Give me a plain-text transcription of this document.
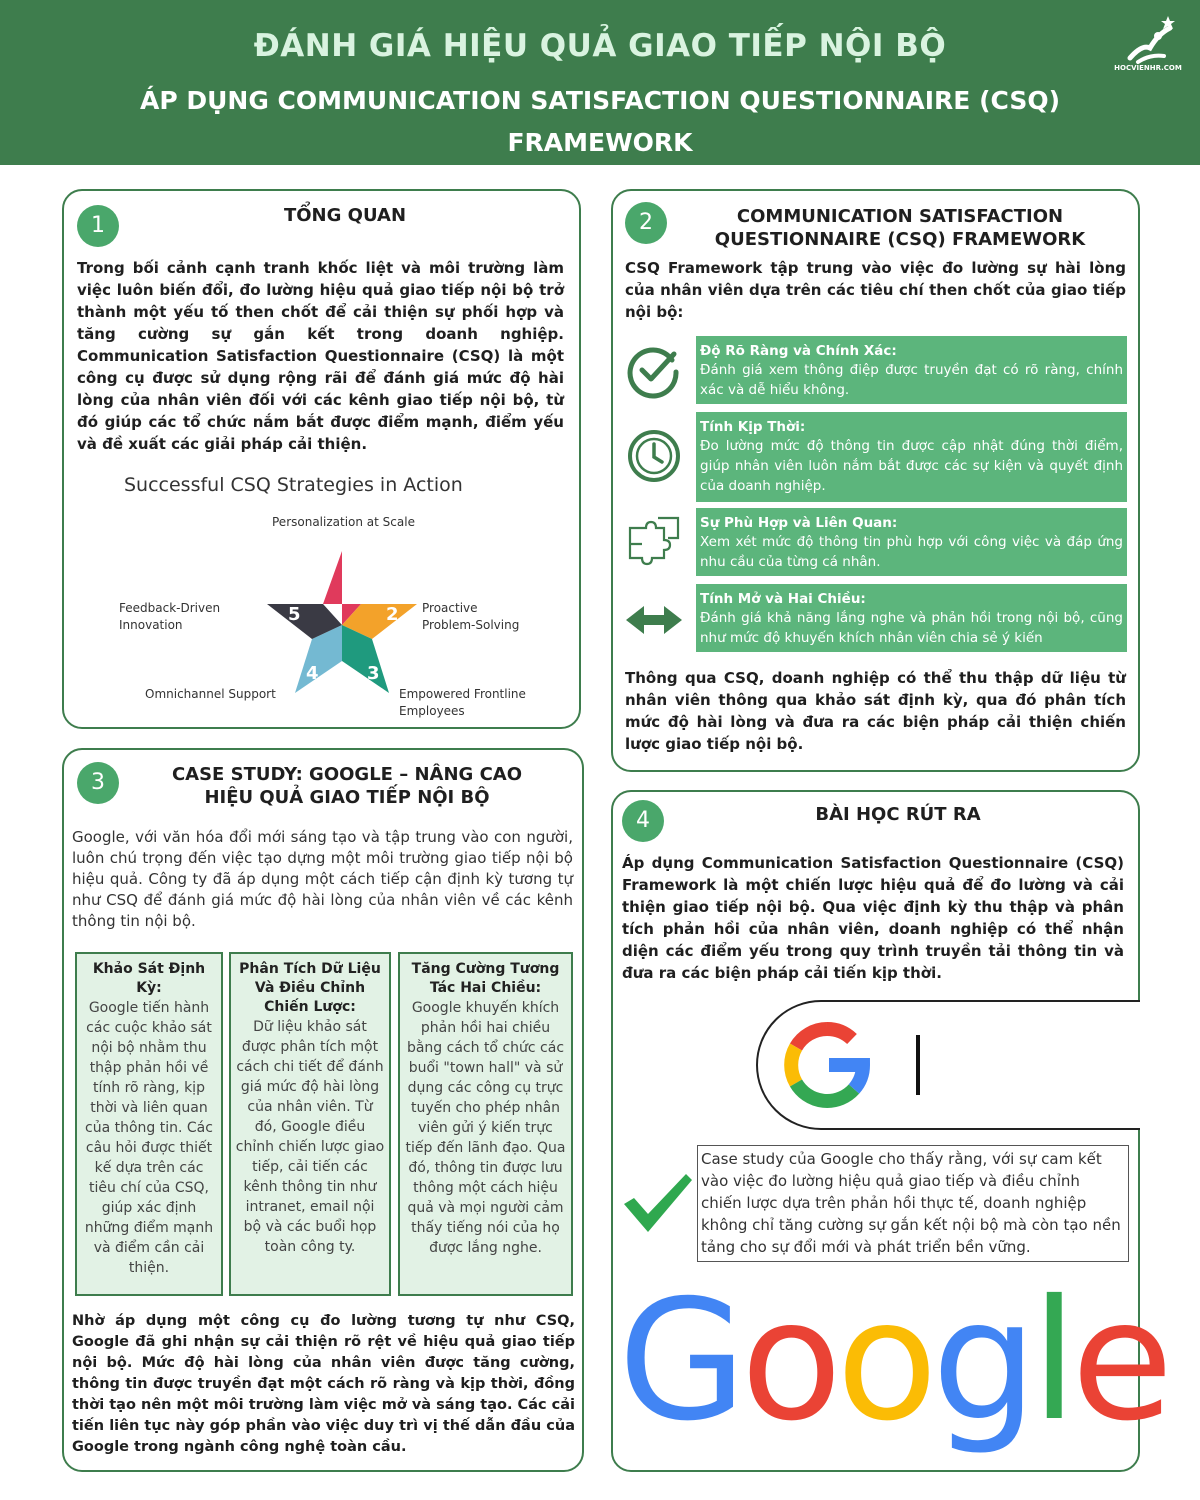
ĐÁNH GIÁ HIỆU QUẢ GIAO TIẾP NỘI BỘ
ÁP DỤNG COMMUNICATION SATISFACTION QUESTIONNAIRE (CSQ)
FRAMEWORK
HOCVIENHR.COM
1	TỔNG QUAN
Trong bối cảnh cạnh tranh khốc liệt và môi trường làm việc luôn biến đổi, đo lường hiệu quả giao tiếp nội bộ trở thành một yếu tố then chốt để cải thiện sự phối hợp và tăng cường sự gắn kết trong doanh nghiệp. Communication Satisfaction Questionnaire (CSQ) là một công cụ được sử dụng rộng rãi để đánh giá mức độ hài lòng của nhân viên đối với các kênh giao tiếp nội bộ, từ đó giúp các tổ chức nắm bắt được điểm mạnh, điểm yếu và đề xuất các giải pháp cải thiện.
Successful CSQ Strategies in Action
1
2
3
4
5
Personalization at Scale
Proactive
Problem-Solving
Empowered Frontline
Employees
Omnichannel Support
Feedback-Driven
Innovation
2	COMMUNICATION SATISFACTION
QUESTIONNAIRE (CSQ) FRAMEWORK
CSQ Framework tập trung vào việc đo lường sự hài lòng của nhân viên dựa trên các tiêu chí then chốt của giao tiếp nội bộ:
Độ Rõ Ràng và Chính Xác:
Đánh giá xem thông điệp được truyền đạt có rõ ràng, chính xác và dễ hiểu không.
Tính Kịp Thời:
Đo lường mức độ thông tin được cập nhật đúng thời điểm, giúp nhân viên luôn nắm bắt được các sự kiện và quyết định của doanh nghiệp.
Sự Phù Hợp và Liên Quan:
Xem xét mức độ thông tin phù hợp với công việc và đáp ứng nhu cầu của từng cá nhân.
Tính Mở và Hai Chiều:
Đánh giá khả năng lắng nghe và phản hồi trong nội bộ, cũng như mức độ khuyến khích nhân viên chia sẻ ý kiến
Thông qua CSQ, doanh nghiệp có thể thu thập dữ liệu từ nhân viên thông qua khảo sát định kỳ, qua đó phân tích mức độ hài lòng và đưa ra các biện pháp cải thiện chiến lược giao tiếp nội bộ.
3	CASE STUDY: GOOGLE – NÂNG CAO
HIỆU QUẢ GIAO TIẾP NỘI BỘ
Google, với văn hóa đổi mới sáng tạo và tập trung vào con người, luôn chú trọng đến việc tạo dựng một môi trường giao tiếp nội bộ hiệu quả. Công ty đã áp dụng một cách tiếp cận định kỳ tương tự như CSQ để đánh giá mức độ hài lòng của nhân viên về các kênh thông tin nội bộ.
Khảo Sát Định Kỳ:
Google tiến hành các cuộc khảo sát nội bộ nhằm thu thập phản hồi về tính rõ ràng, kịp thời và liên quan của thông tin. Các câu hỏi được thiết kế dựa trên các tiêu chí của CSQ, giúp xác định những điểm mạnh và điểm cần cải thiện.
Phân Tích Dữ Liệu Và Điều Chỉnh Chiến Lược:
Dữ liệu khảo sát được phân tích một cách chi tiết để đánh giá mức độ hài lòng của nhân viên. Từ đó, Google điều chỉnh chiến lược giao tiếp, cải tiến các kênh thông tin như intranet, email nội bộ và các buổi họp toàn công ty.
Tăng Cường Tương Tác Hai Chiều:
Google khuyến khích phản hồi hai chiều bằng cách tổ chức các buổi "town hall" và sử dụng các công cụ trực tuyến cho phép nhân viên gửi ý kiến trực tiếp đến lãnh đạo. Qua đó, thông tin được lưu thông một cách hiệu quả và mọi người cảm thấy tiếng nói của họ được lắng nghe.
Nhờ áp dụng một công cụ đo lường tương tự như CSQ, Google đã ghi nhận sự cải thiện rõ rệt về hiệu quả giao tiếp nội bộ. Mức độ hài lòng của nhân viên được tăng cường, thông tin được truyền đạt một cách rõ ràng và kịp thời, đồng thời tạo nên một môi trường làm việc mở và sáng tạo. Các cải tiến liên tục này góp phần vào việc duy trì vị thế dẫn đầu của Google trong ngành công nghệ toàn cầu.
4	BÀI HỌC RÚT RA
Áp dụng Communication Satisfaction Questionnaire (CSQ) Framework là một chiến lược hiệu quả để đo lường và cải thiện giao tiếp nội bộ. Qua việc định kỳ thu thập và phân tích phản hồi của nhân viên, doanh nghiệp có thể nhận diện các điểm yếu trong quy trình truyền tải thông tin và đưa ra các biện pháp cải tiến kịp thời.
Case study của Google cho thấy rằng, với sự cam kết vào việc đo lường hiệu quả giao tiếp và điều chỉnh chiến lược dựa trên phản hồi thực tế, doanh nghiệp không chỉ tăng cường sự gắn kết nội bộ mà còn tạo nền tảng cho sự đổi mới và phát triển bền vững.
Google
